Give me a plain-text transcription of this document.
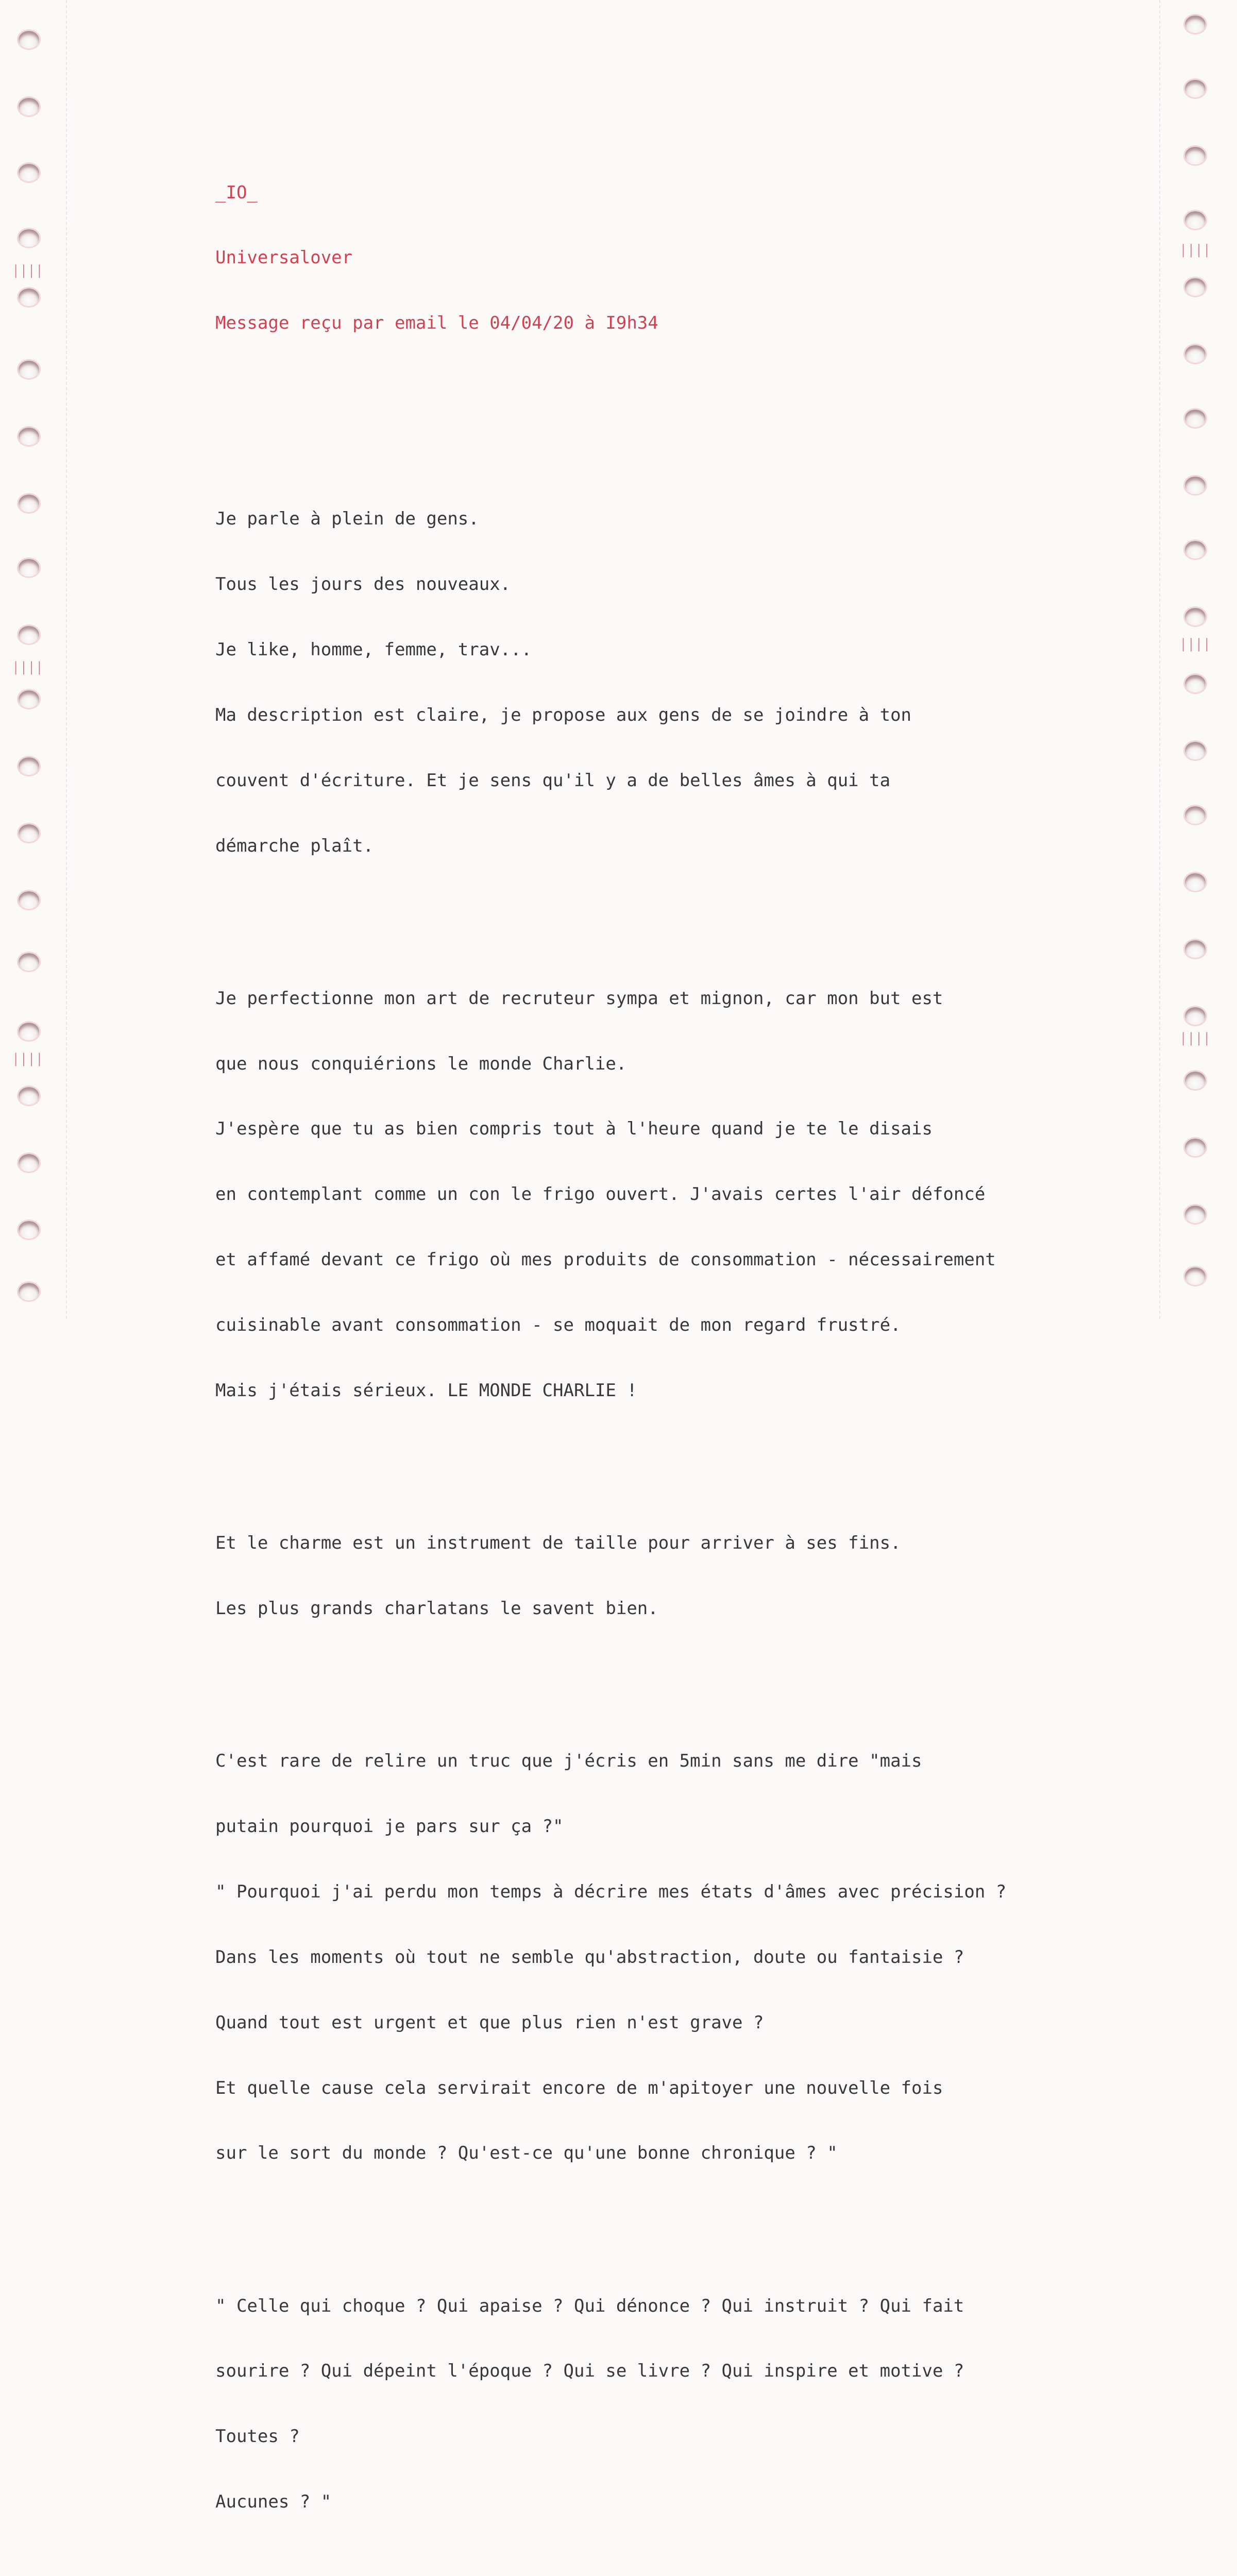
││││
││││
││││
││││
││││
││││

_IO_

Universalover

Message reçu par email le 04/04/20 à I9h34

Je parle à plein de gens.

Tous les jours des nouveaux.

Je like, homme, femme, trav...

Ma description est claire, je propose aux gens de se joindre à ton

couvent d'écriture. Et je sens qu'il y a de belles âmes à qui ta

démarche plaît.

Je perfectionne mon art de recruteur sympa et mignon, car mon but est

que nous conquiérions le monde Charlie.

J'espère que tu as bien compris tout à l'heure quand je te le disais

en contemplant comme un con le frigo ouvert. J'avais certes l'air défoncé

et affamé devant ce frigo où mes produits de consommation - nécessairement

cuisinable avant consommation - se moquait de mon regard frustré.

Mais j'étais sérieux. LE MONDE CHARLIE !

Et le charme est un instrument de taille pour arriver à ses fins.

Les plus grands charlatans le savent bien.

C'est rare de relire un truc que j'écris en 5min sans me dire "mais

putain pourquoi je pars sur ça ?"

" Pourquoi j'ai perdu mon temps à décrire mes états d'âmes avec précision ?

Dans les moments où tout ne semble qu'abstraction, doute ou fantaisie ?

Quand tout est urgent et que plus rien n'est grave ?

Et quelle cause cela servirait encore de m'apitoyer une nouvelle fois

sur le sort du monde ? Qu'est-ce qu'une bonne chronique ? "

" Celle qui choque ? Qui apaise ? Qui dénonce ? Qui instruit ? Qui fait

sourire ? Qui dépeint l'époque ? Qui se livre ? Qui inspire et motive ?

Toutes ?

Aucunes ? "
